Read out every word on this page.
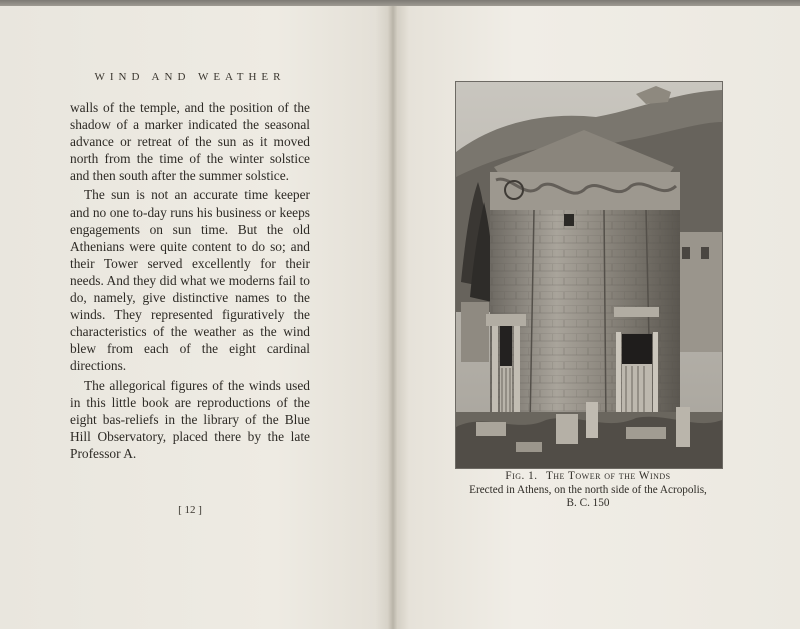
WIND AND WEATHER

walls of the temple, and the position of the shadow of a marker indicated the seasonal advance or retreat of the sun as it moved north from the time of the winter solstice and then south after the summer solstice.

The sun is not an accurate time keeper and no one to-day runs his business or keeps engagements on sun time. But the old Athenians were quite content to do so; and their Tower served excellently for their needs. And they did what we moderns fail to do, namely, give distinctive names to the winds. They represented figuratively the characteristics of the weather as the wind blew from each of the eight cardinal directions.

The allegorical figures of the winds used in this little book are reproductions of the eight bas-reliefs in the library of the Blue Hill Observatory, placed there by the late Professor A.

[ 12 ]
Fig. 1. The Tower of the Winds
Erected in Athens, on the north side of the Acropolis,
B. C. 150
